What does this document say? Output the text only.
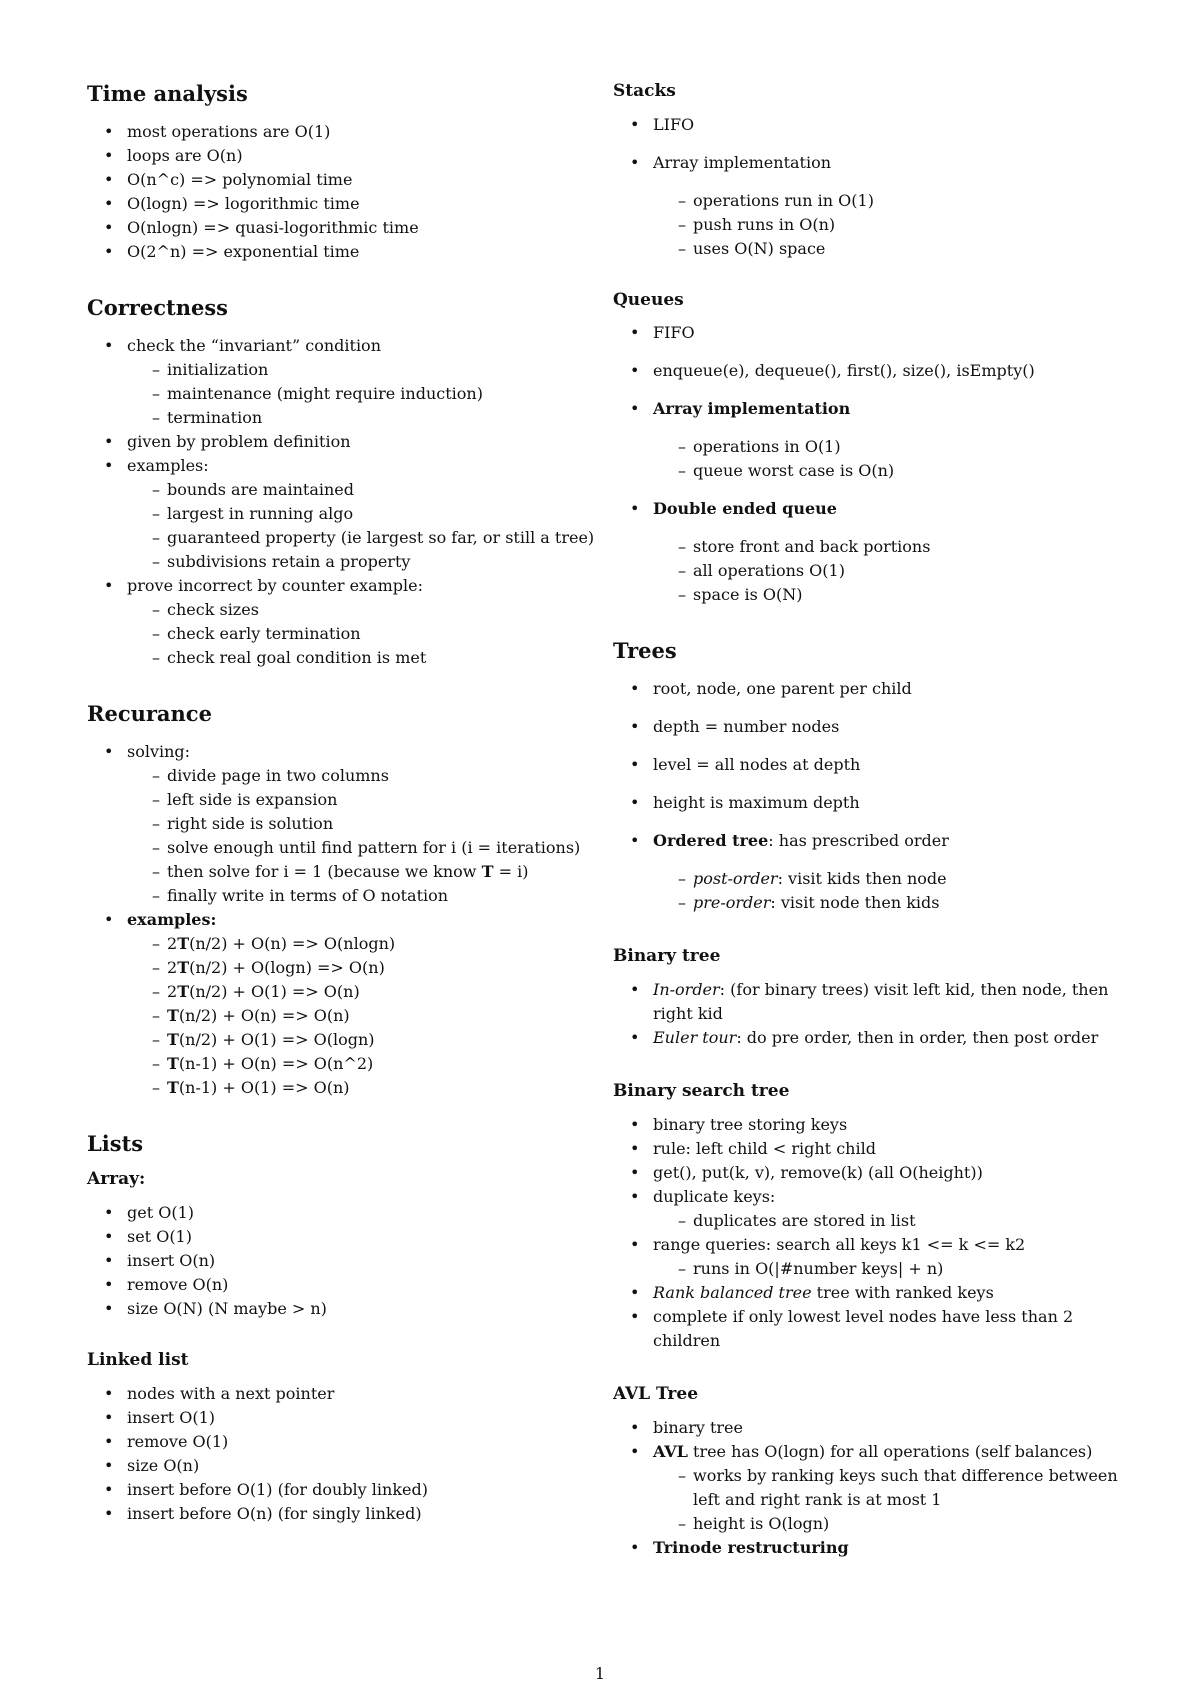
Time analysis
• most operations are O(1)
• loops are O(n)
• O(n^c) => polynomial time
• O(logn) => logorithmic time
• O(nlogn) => quasi-logorithmic time
• O(2^n) => exponential time
Correctness
• check the “invariant” condition
– initialization
– maintenance (might require induction)
– termination
• given by problem definition
• examples:
– bounds are maintained
– largest in running algo
– guaranteed property (ie largest so far, or still a tree)
– subdivisions retain a property
• prove incorrect by counter example:
– check sizes
– check early termination
– check real goal condition is met
Recurance
• solving:
– divide page in two columns
– left side is expansion
– right side is solution
– solve enough until find pattern for i (i = iterations)
– then solve for i = 1 (because we know T = i)
– finally write in terms of O notation
• examples:
– 2T(n/2) + O(n) => O(nlogn)
– 2T(n/2) + O(logn) => O(n)
– 2T(n/2) + O(1) => O(n)
– T(n/2) + O(n) => O(n)
– T(n/2) + O(1) => O(logn)
– T(n-1) + O(n) => O(n^2)
– T(n-1) + O(1) => O(n)
Lists
Array:
• get O(1)
• set O(1)
• insert O(n)
• remove O(n)
• size O(N) (N maybe > n)
Linked list
• nodes with a next pointer
• insert O(1)
• remove O(1)
• size O(n)
• insert before O(1) (for doubly linked)
• insert before O(n) (for singly linked)
Stacks
• LIFO
• Array implementation
– operations run in O(1)
– push runs in O(n)
– uses O(N) space
Queues
• FIFO
• enqueue(e), dequeue(), first(), size(), isEmpty()
• Array implementation
– operations in O(1)
– queue worst case is O(n)
• Double ended queue
– store front and back portions
– all operations O(1)
– space is O(N)
Trees
• root, node, one parent per child
• depth = number nodes
• level = all nodes at depth
• height is maximum depth
• Ordered tree: has prescribed order
– post-order: visit kids then node
– pre-order: visit node then kids
Binary tree
• In-order: (for binary trees) visit left kid, then node, then right kid
• Euler tour: do pre order, then in order, then post order
Binary search tree
• binary tree storing keys
• rule: left child < right child
• get(), put(k, v), remove(k) (all O(height))
• duplicate keys:
– duplicates are stored in list
• range queries: search all keys k1 <= k <= k2
– runs in O(|#number keys| + n)
• Rank balanced tree tree with ranked keys
• complete if only lowest level nodes have less than 2 children
AVL Tree
• binary tree
• AVL tree has O(logn) for all operations (self balances)
– works by ranking keys such that difference between left and right rank is at most 1
– height is O(logn)
• Trinode restructuring
1
